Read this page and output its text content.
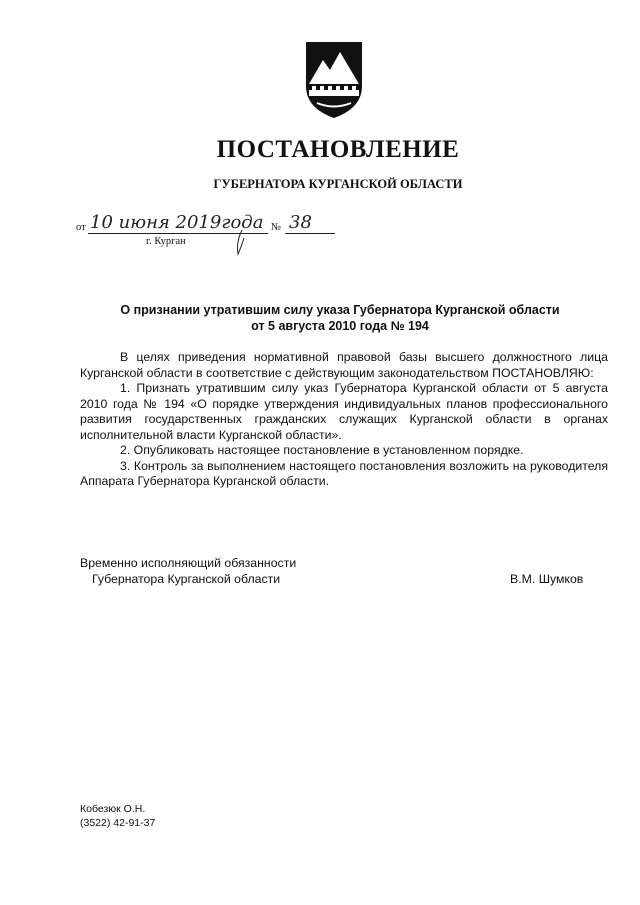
ПОСТАНОВЛЕНИЕ
ГУБЕРНАТОРА КУРГАНСКОЙ ОБЛАСТИ
от 10 июня 2019года № 38
г. Курган
О признании утратившим силу указа Губернатора Курганской области
от 5 августа 2010 года № 194

В целях приведения нормативной правовой базы высшего должностного лица Курганской области в соответствие с действующим законодательством ПОСТАНОВЛЯЮ:

1. Признать утратившим силу указ Губернатора Курганской области от 5 августа 2010 года № 194 «О порядке утверждения индивидуальных планов профессионального развития государственных гражданских служащих Курганской области в органах исполнительной власти Курганской области».

2. Опубликовать настоящее постановление в установленном порядке.

3. Контроль за выполнением настоящего постановления возложить на руководителя Аппарата Губернатора Курганской области.

Временно исполняющий обязанности
Губернатора Курганской области	В.М. Шумков
Кобезюк О.Н.
(3522) 42-91-37
